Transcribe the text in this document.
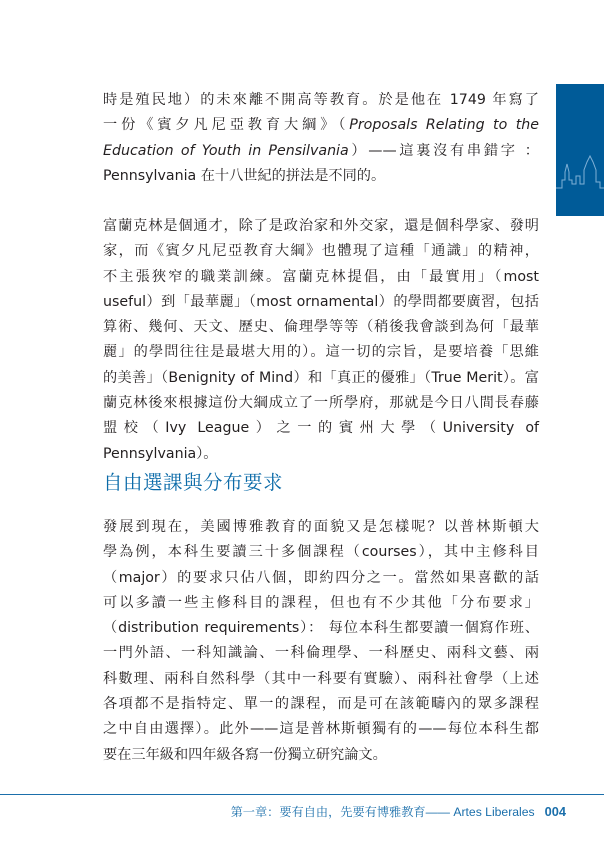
時是殖民地）的未來離不開高等教育。於是他在 1749 年寫了

一份《賓夕凡尼亞教育大綱》（Proposals Relating to the

Education of Youth in Pensilvania）——這裏沒有串錯字 ：

Pennsylvania 在十八世紀的拼法是不同的。

富蘭克林是個通才，除了是政治家和外交家，還是個科學家、發明

家，而《賓夕凡尼亞教育大綱》也體現了這種「通識」的精神，

不主張狹窄的職業訓練。富蘭克林提倡，由「最實用」（most

useful）到「最華麗」（most ornamental）的學問都要廣習，包括

算術、幾何、天文、歷史、倫理學等等（稍後我會談到為何「最華

麗」的學問往往是最堪大用的）。這一切的宗旨，是要培養「思維

的美善」（Benignity of Mind）和「真正的優雅」（True Merit）。富

蘭克林後來根據這份大綱成立了一所學府，那就是今日八間長春藤

盟校（Ivy League）之一的賓州大學（University of Pennsylvania）。

自由選課與分布要求

發展到現在，美國博雅教育的面貌又是怎樣呢？以普林斯頓大

學為例，本科生要讀三十多個課程（courses），其中主修科目

（major）的要求只佔八個，即約四分之一。當然如果喜歡的話

可以多讀一些主修科目的課程，但也有不少其他「分布要求」

（distribution requirements）： 每位本科生都要讀一個寫作班、

一門外語、一科知識論、一科倫理學、一科歷史、兩科文藝、兩

科數理、兩科自然科學（其中一科要有實驗）、兩科社會學（上述

各項都不是指特定、單一的課程，而是可在該範疇內的眾多課程

之中自由選擇）。此外——這是普林斯頓獨有的——每位本科生都

要在三年級和四年級各寫一份獨立研究論文。

第一章：要有自由，先要有博雅教育—— Artes Liberales 004
